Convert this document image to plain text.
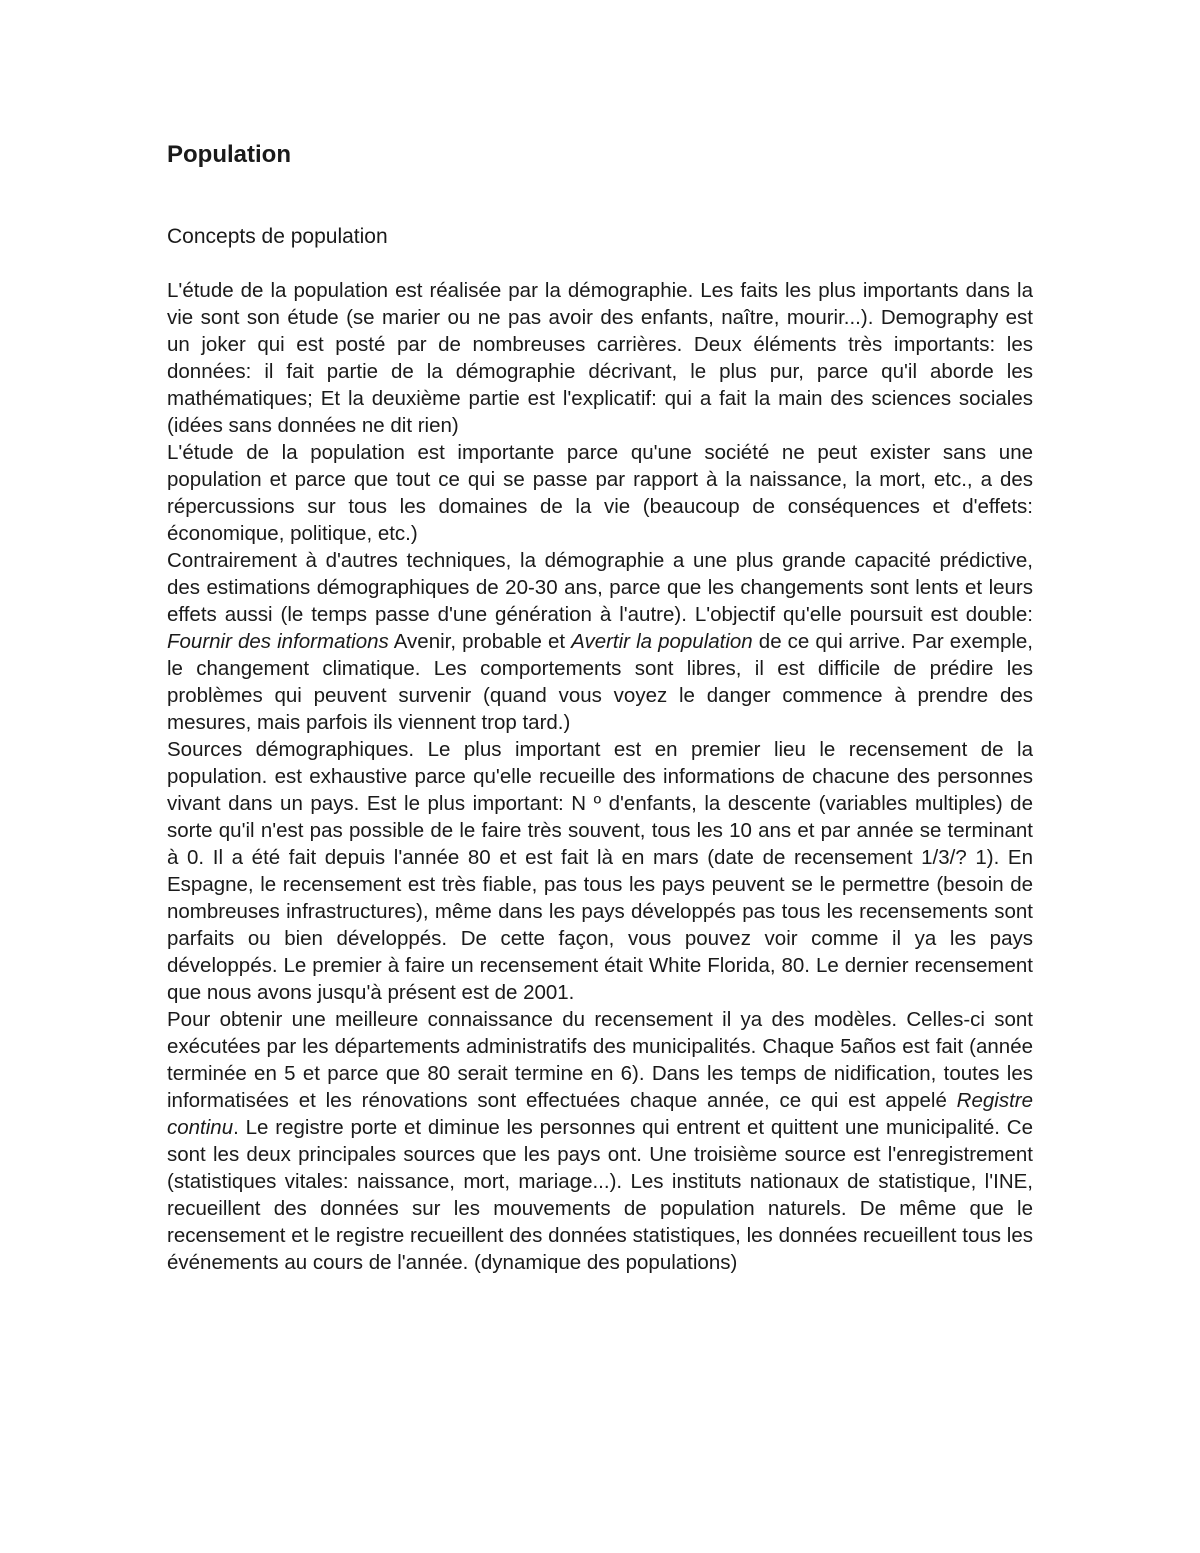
Population
Concepts de population

L'étude de la population est réalisée par la démographie. Les faits les plus importants dans la vie sont son étude (se marier ou ne pas avoir des enfants, naître, mourir...). Demography est un joker qui est posté par de nombreuses carrières. Deux éléments très importants: les données: il fait partie de la démographie décrivant, le plus pur, parce qu'il aborde les mathématiques; Et la deuxième partie est l'explicatif: qui a fait la main des sciences sociales (idées sans données ne dit rien)

L'étude de la population est importante parce qu'une société ne peut exister sans une population et parce que tout ce qui se passe par rapport à la naissance, la mort, etc., a des répercussions sur tous les domaines de la vie (beaucoup de conséquences et d'effets: économique, politique, etc.)

Contrairement à d'autres techniques, la démographie a une plus grande capacité prédictive, des estimations démographiques de 20-30 ans, parce que les changements sont lents et leurs effets aussi (le temps passe d'une génération à l'autre). L'objectif qu'elle poursuit est double: Fournir des informations Avenir, probable et Avertir la population de ce qui arrive. Par exemple, le changement climatique. Les comportements sont libres, il est difficile de prédire les problèmes qui peuvent survenir (quand vous voyez le danger commence à prendre des mesures, mais parfois ils viennent trop tard.)

Sources démographiques. Le plus important est en premier lieu le recensement de la population. est exhaustive parce qu'elle recueille des informations de chacune des personnes vivant dans un pays. Est le plus important: N º d'enfants, la descente (variables multiples) de sorte qu'il n'est pas possible de le faire très souvent, tous les 10 ans et par année se terminant à 0. Il a été fait depuis l'année 80 et est fait là en mars (date de recensement 1/3/? 1). En Espagne, le recensement est très fiable, pas tous les pays peuvent se le permettre (besoin de nombreuses infrastructures), même dans les pays développés pas tous les recensements sont parfaits ou bien développés. De cette façon, vous pouvez voir comme il ya les pays développés. Le premier à faire un recensement était White Florida, 80. Le dernier recensement que nous avons jusqu'à présent est de 2001.

Pour obtenir une meilleure connaissance du recensement il ya des modèles. Celles-ci sont exécutées par les départements administratifs des municipalités. Chaque 5años est fait (année terminée en 5 et parce que 80 serait termine en 6). Dans les temps de nidification, toutes les informatisées et les rénovations sont effectuées chaque année, ce qui est appelé Registre continu. Le registre porte et diminue les personnes qui entrent et quittent une municipalité. Ce sont les deux principales sources que les pays ont. Une troisième source est l'enregistrement (statistiques vitales: naissance, mort, mariage...). Les instituts nationaux de statistique, l'INE, recueillent des données sur les mouvements de population naturels. De même que le recensement et le registre recueillent des données statistiques, les données recueillent tous les événements au cours de l'année. (dynamique des populations)
